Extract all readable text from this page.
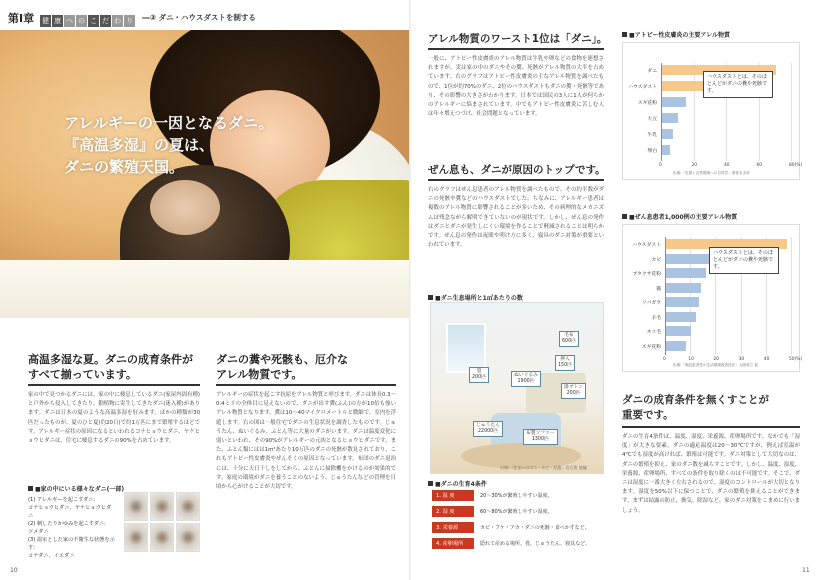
第Ⅰ章 健 康 へ の こ だ わ り	―③ ダニ・ハウスダストを制する
アレルギーの一因となるダニ。
『高温多湿』の夏は、
ダニの繁殖天国。
高温多湿な夏。ダニの成育条件が
すべて揃っています。
家の中で見つかるダニには、家の中に棲息しているダニ(家屋内固有種)と戸外から侵入してきたり、動植物に寄生してきたダニ(迷入種)があります。ダニは日本の夏のような高温多湿を好みます。ほかの種類が30匹だったものが、夏のひと夏(約20日)で約1万匹にまで繁殖するほどです。アレルギー症状の原因になるといわれるコナヒョウヒダニ、ヤケヒョウヒダニは、住宅に棲息するダニの90%を占めています。
■家の中にいる様々なダニ(一部)
(1) アレルギーを起こすダニ:
コナヒョウヒダニ、ヤケヒョウヒダニ
(2) 刺したりかゆみを起こすダニ:
ツメダニ
(3) 温室とした家の不衛生な状態を示す:
コナダニ、イエダニ
ダニの糞や死骸も、厄介な
アレル物質です。
アレルギーの症状を起こす抗原をアレル物質と呼びます。ダニは体長0.3〜0.4ミリの全体目に見えないので、ダニが出す糞(ふん)の方が10倍も強いアレル物質となります。糞は10〜40マイクロメートルと微細で、室内を浮遊します。右の図は一般住宅でダニの生息状況を調査したものです。じゅうたん、ぬいぐるみ、ふとん等に大量のダニがいます。ダニは温度変化に弱いといわれ、その90%がアレルギーの元凶となるヒョウヒダニです。また、ふとん類にはは1m²あたり10万匹のダニの死骸が散見されており、これもアトピー性皮膚炎やぜんそくの原因となっています。布団のダニ退治には、十分に天日干しをしてから、ふとんに掃除機をかけるのが効果的です。家庭の環境がダニを養うことのないよう、じゅうたんなどの管理を日頃から心がけることが大切です。
10
アレル物質のワースト1位は「ダニ」。
一般に、アトピー性皮膚炎のアレル物質は牛乳や卵などの食物を連想されますが、実は家の中のダニやその糞、死骸がアレル物質の大半を占めています。右のグラフはアトピー性皮膚炎の主なアレル物質を調べたもので、1位が約70%のダニ、2位のハウスダストもダニの糞・死骸等であり、その影響の大きさがわかります。日本では国民の3人に1人が何らかのアレルギーに悩まされています。中でもアトピー性皮膚炎に苦しむ人は年々増えつづけ、社会問題となっています。
ぜん息も、ダニが原因のトップです。
右のグラフはぜん息患者のアレル物質を調べたもので、その約半数がダニの死骸や糞などのハウスダストでした。ちなみに、アレルギー患者は複数のアレル物質に影響されることが多いため、その病理的なメカニズムは残念ながら解明できていないのが現状です。しかし、ぜん息の発作はダニとダニが発生しにくい環境を作ることで軽減されることは明らかです。ぜん息の発作は夜間や明け方に多く、寝具のダニ対策が重要といわれています。
■ダニ生息場所と1㎡あたりの数
毛布
600匹
押入
150匹
畳
200匹	ぬいぐるみ
1900匹
掛ブトン
200匹
じゅうたん
22000匹	布製ソファー
1300匹
出典:「住まいのダニ・カビ・結露」宮方著 他編
■ダニの生育4条件
1. 温 度	20〜30%が繁殖しやすい温度。
2. 湿 度	60〜80%が繁殖しやすい湿度。
3. 栄養源	カビ・フケ・アカ・ダニの死骸・食べかすなど。
4. 産卵場所	隠れて産める場所。畳、じゅうたん、寝具など。
■アトピー性皮膚炎の主要アレル物質
0	20	40	60	80(%)
ダニ
ハウスダスト
スギ花粉
大豆
牛乳
卵白
ハウスダストとは、そのほとんどがダニの糞や死骸です。
出典:「皮膚と自然環境への自然学」著者名未詳
■ぜん息患者1,000例の主要アレル物質
0	10	20	30	40	50(%)
ハウスダスト
カビ
ブタクサ花粉
猫
ソバガラ
羊毛
ネコ毛
スギ花粉
ハウスダストとは、そのほとんどがダニの糞や死骸です。
出典:「喘息患者性の生活環境改善技法」大阪府立 他
ダニの成育条件を無くすことが
重要です。
ダニの生育4条件は、温度、湿度、栄養源、産卵場所です。なかでも「湿度」が大きな要素。ダニの適応温度は20〜30℃ですが、例えば室温が4℃でも湿度が高ければ、繁殖は可能です。ダニ対策として大切なのは、ダニの繁殖を抑え、家のダニ数を減らすことです。しかし、温度、湿度、栄養源、産卵場所、すべての条件を取り除くのは不可能です。そこで、ダニは湿度に一番大きく左右されるので、湿度のコントロールが大切となります。湿度を50%以下に保つことで、ダニの繁殖を抑えることができます。まずは結露の防止、換気、除湿など、家のダニ対策をこまめに行いましょう。
11
